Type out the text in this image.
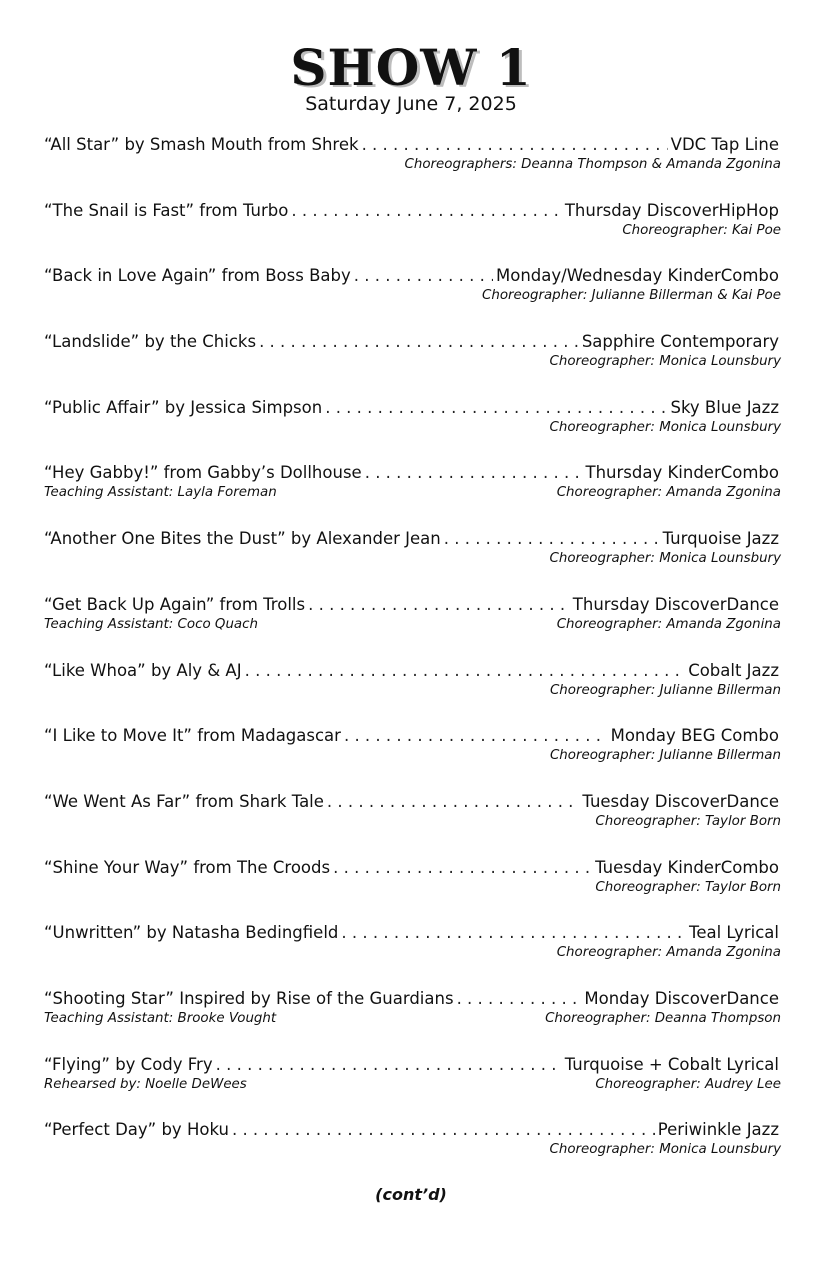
SHOW 1
Saturday June 7, 2025
“All Star” by Smash Mouth from Shrek . . .	VDC Tap Line
Choreographers: Deanna Thompson & Amanda Zgonina
“The Snail is Fast” from Turbo . . .	Thursday DiscoverHipHop
Choreographer: Kai Poe
“Back in Love Again” from Boss Baby . . .	Monday/Wednesday KinderCombo
Choreographer: Julianne Billerman & Kai Poe
“Landslide” by the Chicks . . .	Sapphire Contemporary
Choreographer: Monica Lounsbury
“Public Affair” by Jessica Simpson . . .	Sky Blue Jazz
Choreographer: Monica Lounsbury
“Hey Gabby!” from Gabby’s Dollhouse . . .	Thursday KinderCombo
Teaching Assistant: Layla Foreman	Choreographer: Amanda Zgonina
“Another One Bites the Dust” by Alexander Jean . . .	Turquoise Jazz
Choreographer: Monica Lounsbury
“Get Back Up Again” from Trolls . . .	Thursday DiscoverDance
Teaching Assistant: Coco Quach	Choreographer: Amanda Zgonina
“Like Whoa” by Aly & AJ . . .	Cobalt Jazz
Choreographer: Julianne Billerman
“I Like to Move It” from Madagascar . . .	Monday BEG Combo
Choreographer: Julianne Billerman
“We Went As Far” from Shark Tale . . .	Tuesday DiscoverDance
Choreographer: Taylor Born
“Shine Your Way” from The Croods . . .	Tuesday KinderCombo
Choreographer: Taylor Born
“Unwritten” by Natasha Bedingfield . . .	Teal Lyrical
Choreographer: Amanda Zgonina
“Shooting Star” Inspired by Rise of the Guardians . . .	Monday DiscoverDance
Teaching Assistant: Brooke Vought	Choreographer: Deanna Thompson
“Flying” by Cody Fry . . .	Turquoise + Cobalt Lyrical
Rehearsed by: Noelle DeWees	Choreographer: Audrey Lee
“Perfect Day” by Hoku . . .	Periwinkle Jazz
Choreographer: Monica Lounsbury
(cont’d)
